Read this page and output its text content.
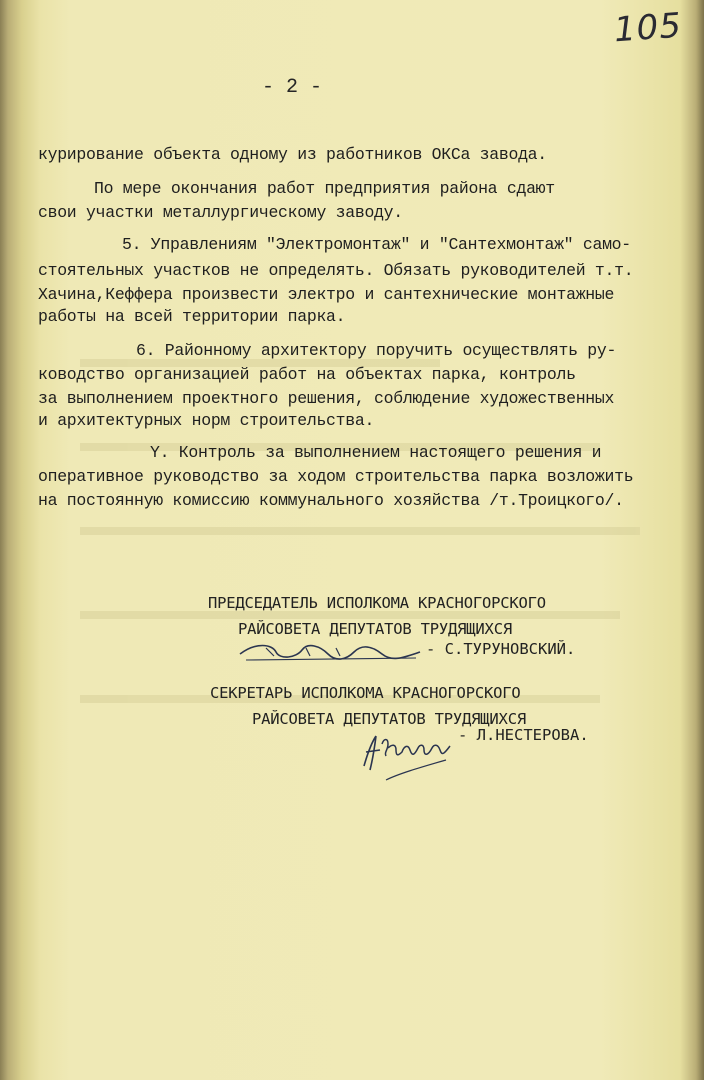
105
- 2 -
курирование объекта одному из работников ОКСа завода.
По мере окончания работ предприятия района сдают
свои участки металлургическому заводу.
5. Управлениям "Электромонтаж" и "Сантехмонтаж" само-
стоятельных участков не определять. Обязать руководителей т.т.
Хачина,Кеффера произвести электро и сантехнические монтажные
работы на всей территории парка.
6. Районному архитектору поручить осуществлять ру-
ководство организацией работ на объектах парка, контроль
за выполнением проектного решения, соблюдение художественных
и архитектурных норм строительства.
Ү. Контроль за выполнением настоящего решения и
оперативное руководство за ходом строительства парка возложить
на постоянную комиссию коммунального хозяйства /т.Троицкого/.
ПРЕДСЕДАТЕЛЬ ИСПОЛКОМА КРАСНОГОРСКОГО
РАЙСОВЕТА ДЕПУТАТОВ ТРУДЯЩИХСЯ
- С.ТУРУНОВСКИЙ.
СЕКРЕТАРЬ ИСПОЛКОМА КРАСНОГОРСКОГО
РАЙСОВЕТА ДЕПУТАТОВ ТРУДЯЩИХСЯ
- Л.НЕСТЕРОВА.
